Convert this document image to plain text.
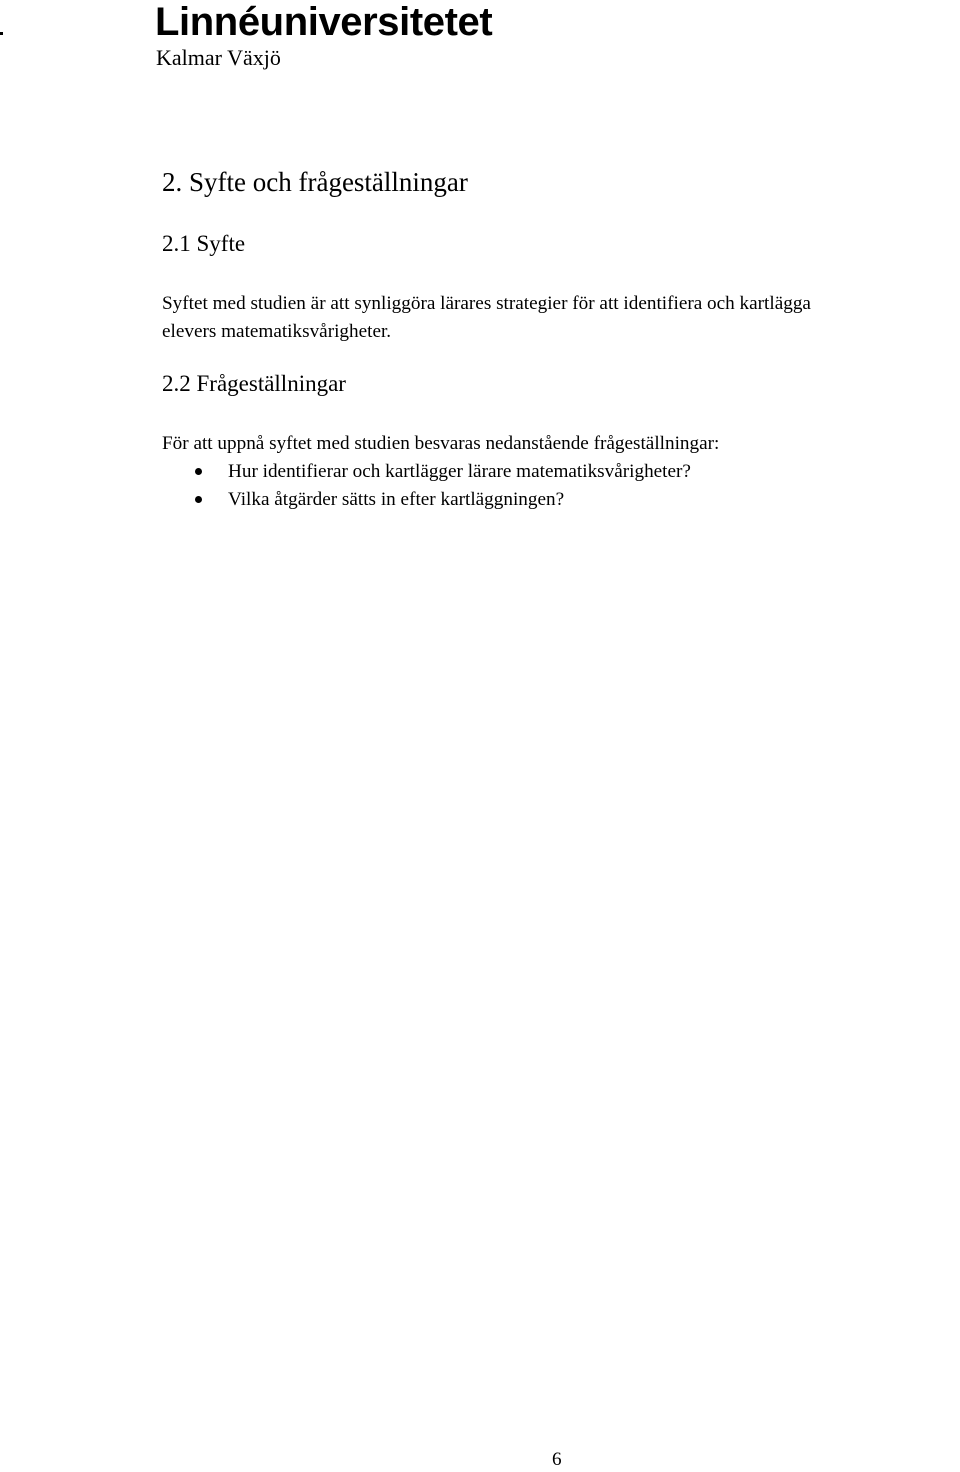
Linnéuniversitetet
Kalmar Växjö
2. Syfte och frågeställningar
2.1 Syfte
Syftet med studien är att synliggöra lärares strategier för att identifiera och kartlägga
elevers matematiksvårigheter.
2.2 Frågeställningar
För att uppnå syftet med studien besvaras nedanstående frågeställningar:
Hur identifierar och kartlägger lärare matematiksvårigheter?
Vilka åtgärder sätts in efter kartläggningen?
6
